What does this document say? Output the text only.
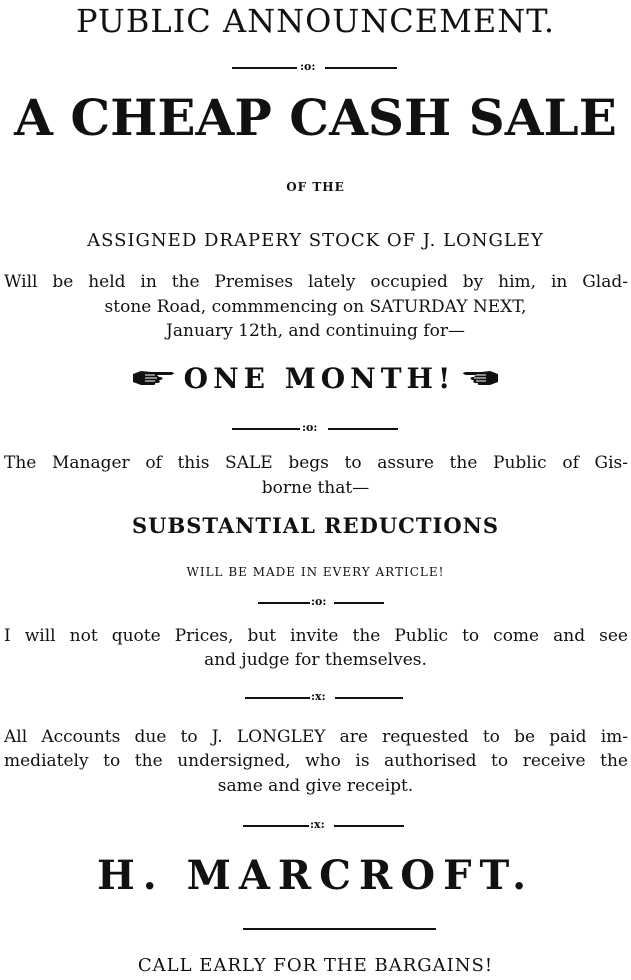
PUBLIC ANNOUNCEMENT.
:o:
A CHEAP CASH SALE
OF THE
ASSIGNED DRAPERY STOCK OF J. LONGLEY
Will be held in the Premises lately occupied by him, in Glad-
stone Road, commmencing on SATURDAY NEXT,
January 12th, and continuing for—
ONE MONTH!
:o:
The Manager of this SALE begs to assure the Public of Gis-
borne that—
SUBSTANTIAL REDUCTIONS
WILL BE MADE IN EVERY ARTICLE!
:o:
I will not quote Prices, but invite the Public to come and see
and judge for themselves.
:x:
All Accounts due to J. LONGLEY are requested to be paid im-
mediately to the undersigned, who is authorised to receive the
same and give receipt.
:x:
H. MARCROFT.
CALL EARLY FOR THE BARGAINS!
